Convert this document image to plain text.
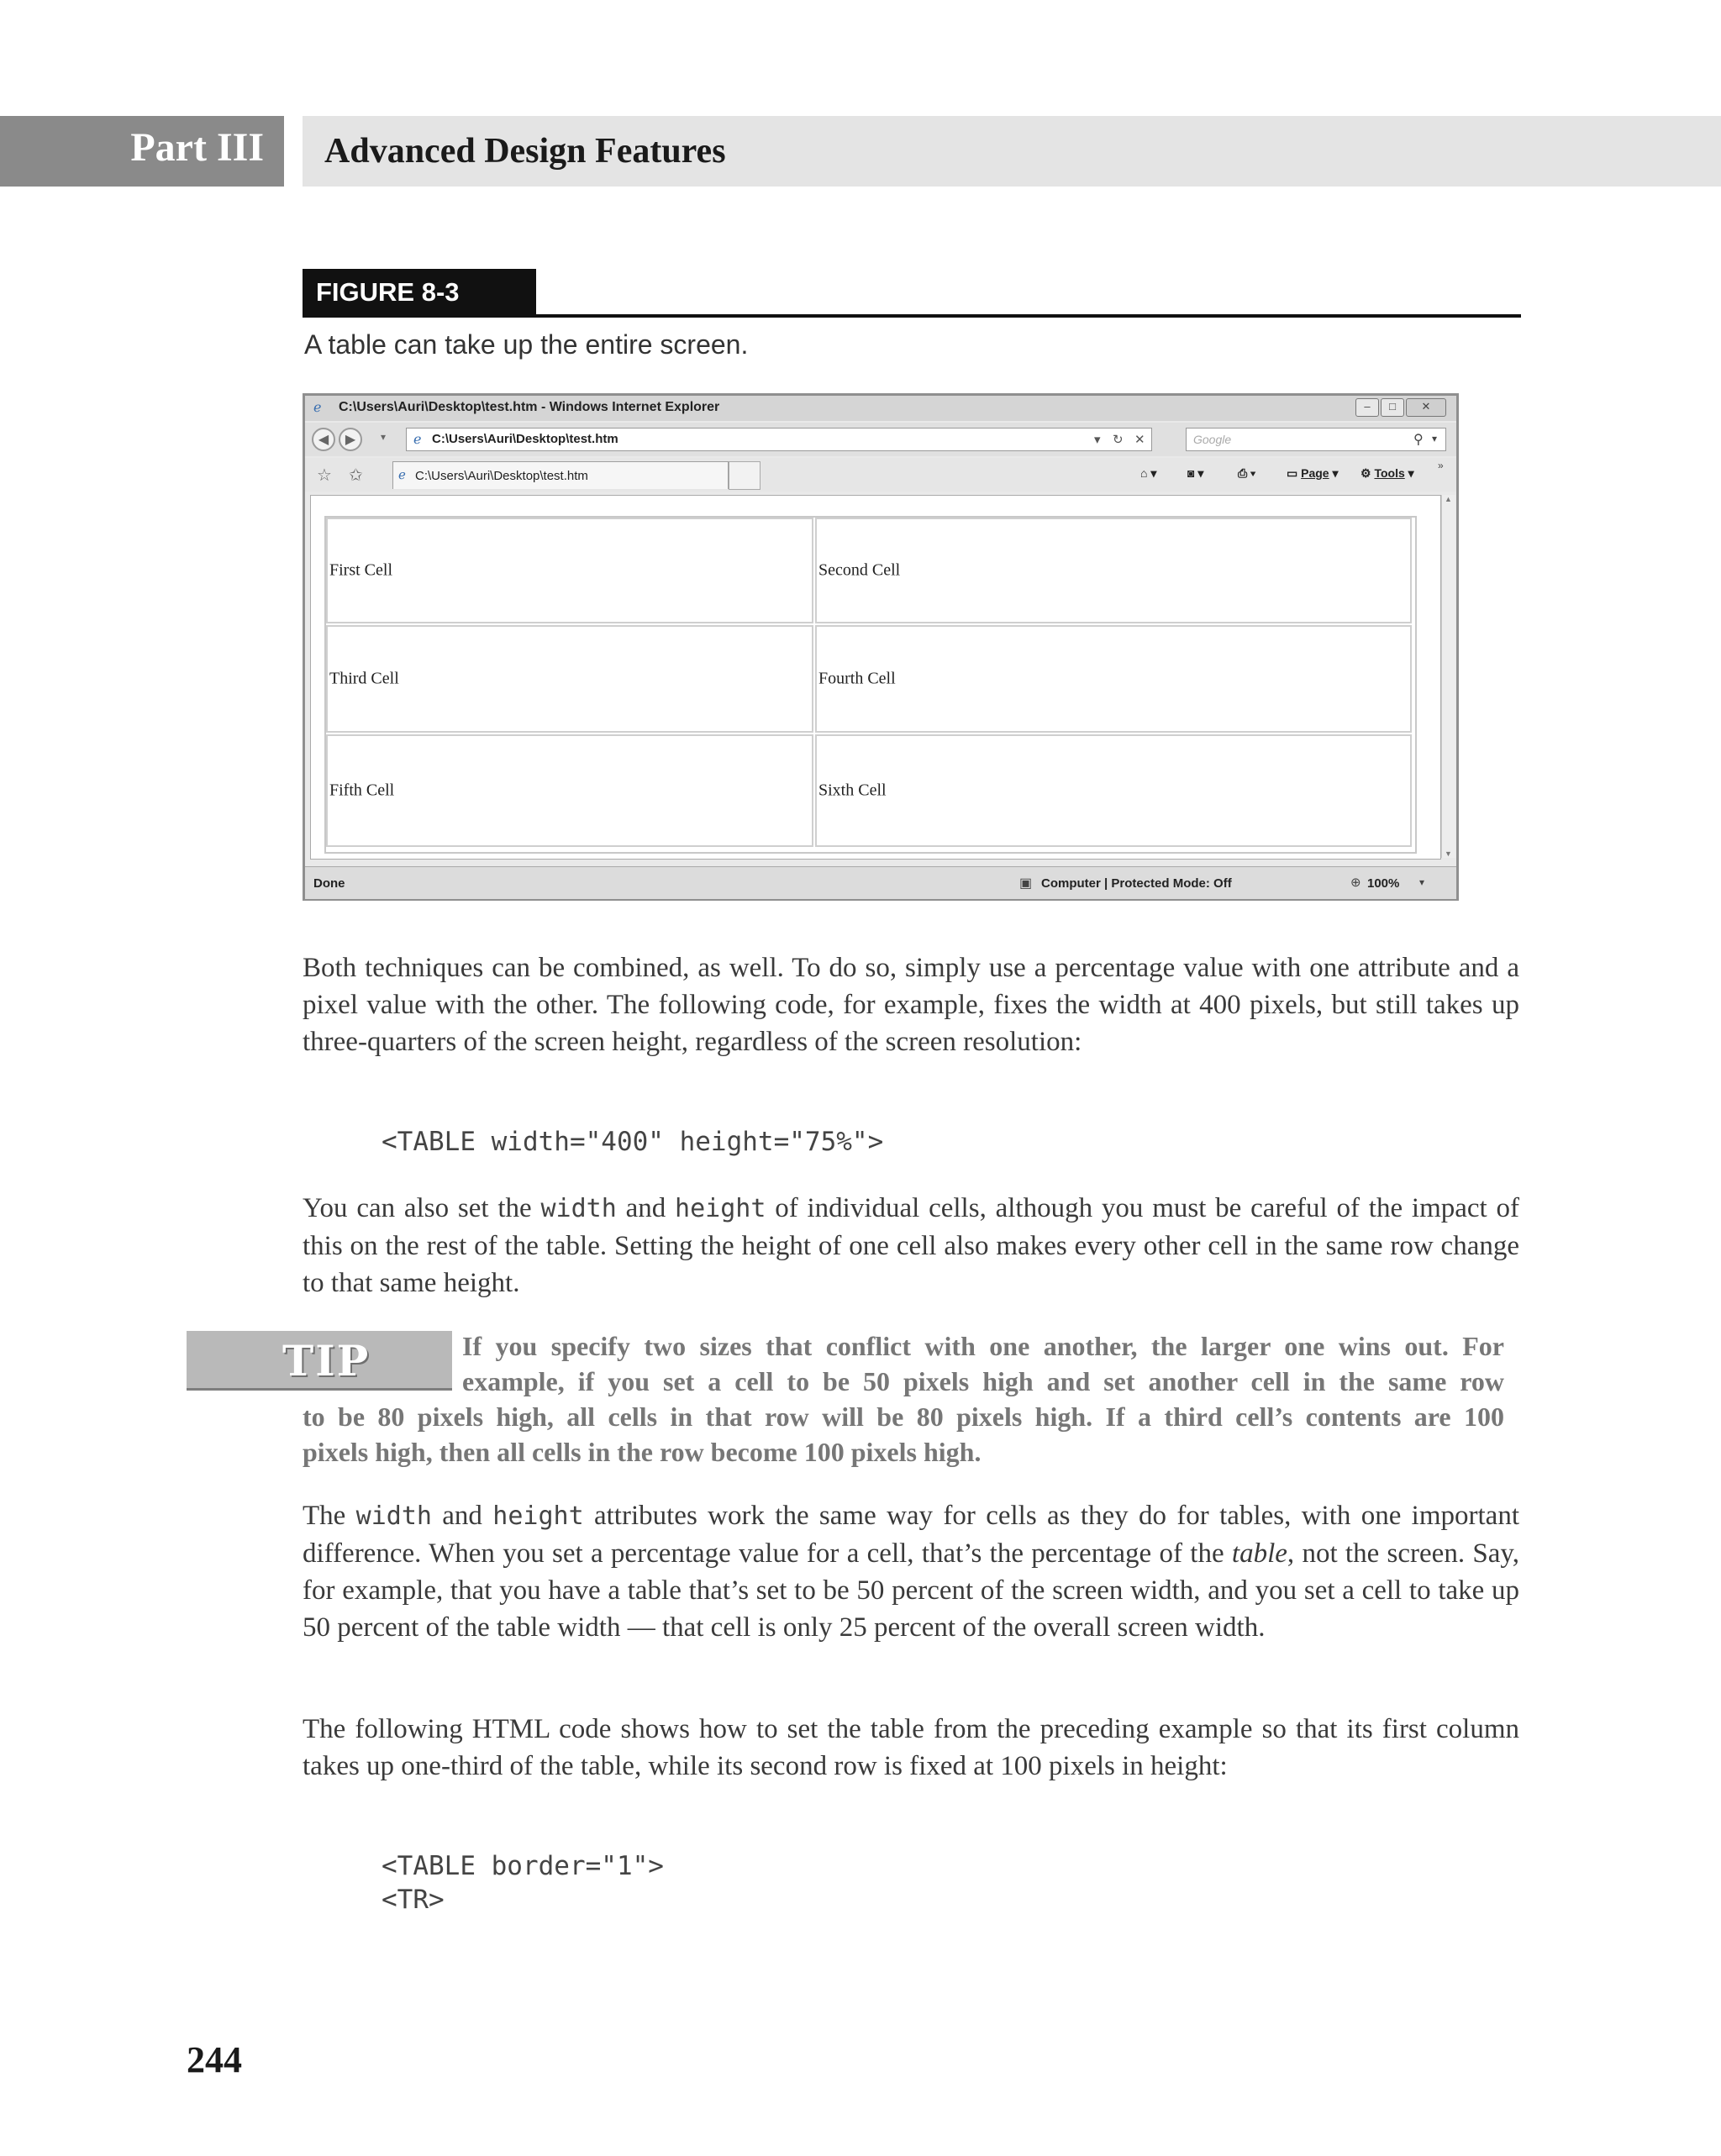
Part III Advanced Design Features
FIGURE 8-3
A table can take up the entire screen.
ℯ C:\Users\Auri\Desktop\test.htm - Windows Internet Explorer	–	□	✕
◀	▶	▾ ℯ C:\Users\Auri\Desktop\test.htm	▾ ↻ ✕	Google	⚲ ▾
☆ ✩	ℯ C:\Users\Auri\Desktop\test.htm	⌂ ▾	◙ ▾	⎙ ▾	▭ Page ▾ ⚙ Tools ▾
»
First Cell	Second Cell
Third Cell	Fourth Cell
Fifth Cell	Sixth Cell
▲
▼
Done	▣ Computer | Protected Mode: Off	⊕ 100% ▾
Both techniques can be combined, as well. To do so, simply use a percentage value with one attribute and a pixel value with the other. The following code, for example, fixes the width at 400 pixels, but still takes up three-quarters of the screen height, regardless of the screen resolution:
<TABLE width="400" height="75%">
You can also set the width and height of individual cells, although you must be careful of the impact of this on the rest of the table. Setting the height of one cell also makes every other cell in the same row change to that same height.
TIP	If you specify two sizes that conflict with one another, the larger one wins out. For
example, if you set a cell to be 50 pixels high and set another cell in the same row
to be 80 pixels high, all cells in that row will be 80 pixels high. If a third cell’s contents are 100
pixels high, then all cells in the row become 100 pixels high.
The width and height attributes work the same way for cells as they do for tables, with one important difference. When you set a percentage value for a cell, that’s the percentage of the table, not the screen. Say, for example, that you have a table that’s set to be 50 percent of the screen width, and you set a cell to take up 50 percent of the table width — that cell is only 25 percent of the overall screen width.
The following HTML code shows how to set the table from the preceding example so that its first column takes up one-third of the table, while its second row is fixed at 100 pixels in height:
<TABLE border="1">
<TR>
244
